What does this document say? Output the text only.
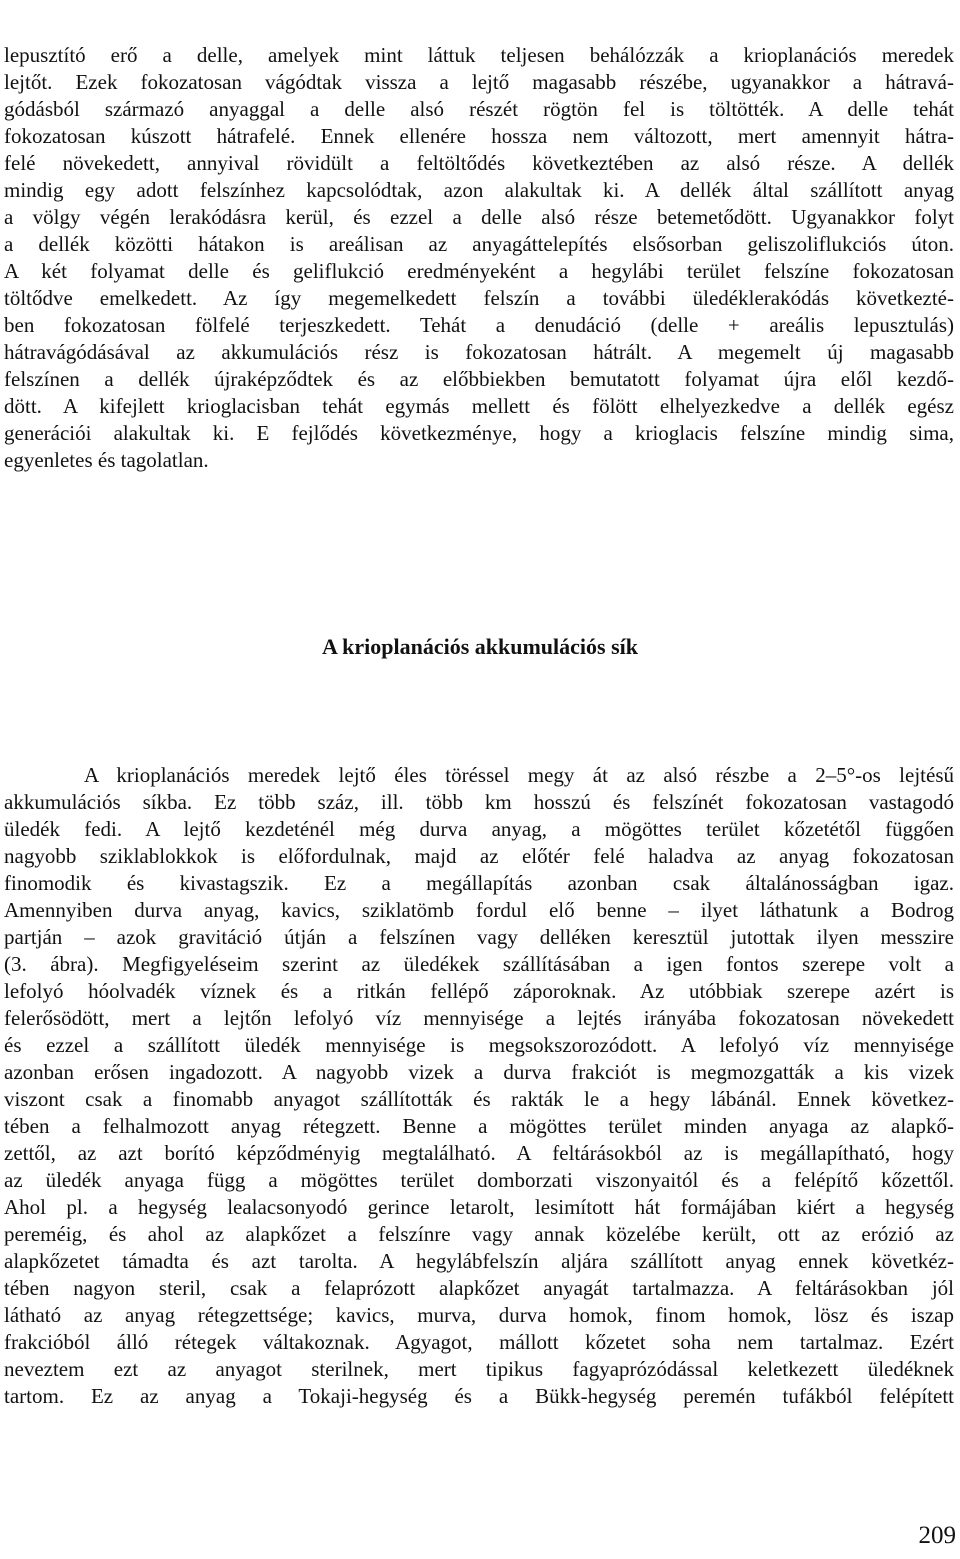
lepusztító erő a delle, amelyek mint láttuk teljesen behálózzák a krioplanációs meredek
lejtőt. Ezek fokozatosan vágódtak vissza a lejtő magasabb részébe, ugyanakkor a hátravá-
gódásból származó anyaggal a delle alsó részét rögtön fel is töltötték. A delle tehát
fokozatosan kúszott hátrafelé. Ennek ellenére hossza nem változott, mert amennyit hátra-
felé növekedett, annyival rövidült a feltöltődés következtében az alsó része. A dellék
mindig egy adott felszínhez kapcsolódtak, azon alakultak ki. A dellék által szállított anyag
a völgy végén lerakódásra kerül, és ezzel a delle alsó része betemetődött. Ugyanakkor folyt
a dellék közötti hátakon is areálisan az anyagáttelepítés elsősorban geliszoliflukciós úton.
A két folyamat delle és geliflukció eredményeként a hegylábi terület felszíne fokozatosan
töltődve emelkedett. Az így megemelkedett felszín a további üledéklerakódás következté-
ben fokozatosan fölfelé terjeszkedett. Tehát a denudáció (delle + areális lepusztulás)
hátravágódásával az akkumulációs rész is fokozatosan hátrált. A megemelt új magasabb
felszínen a dellék újraképződtek és az előbbiekben bemutatott folyamat újra elől kezdő-
dött. A kifejlett krioglacisban tehát egymás mellett és fölött elhelyezkedve a dellék egész
generációi alakultak ki. E fejlődés következménye, hogy a krioglacis felszíne mindig sima,
egyenletes és tagolatlan.
A krioplanációs akkumulációs sík
A krioplanációs meredek lejtő éles töréssel megy át az alsó részbe a 2–5°-os lejtésű
akkumulációs síkba. Ez több száz, ill. több km hosszú és felszínét fokozatosan vastagodó
üledék fedi. A lejtő kezdeténél még durva anyag, a mögöttes terület kőzetétől függően
nagyobb sziklablokkok is előfordulnak, majd az előtér felé haladva az anyag fokozatosan
finomodik és kivastagszik. Ez a megállapítás azonban csak általánosságban igaz.
Amennyiben durva anyag, kavics, sziklatömb fordul elő benne – ilyet láthatunk a Bodrog
partján – azok gravitáció útján a felszínen vagy delléken keresztül jutottak ilyen messzire
(3. ábra). Megfigyeléseim szerint az üledékek szállításában a igen fontos szerepe volt a
lefolyó hóolvadék víznek és a ritkán fellépő záporoknak. Az utóbbiak szerepe azért is
felerősödött, mert a lejtőn lefolyó víz mennyisége a lejtés irányába fokozatosan növekedett
és ezzel a szállított üledék mennyisége is megsokszorozódott. A lefolyó víz mennyisége
azonban erősen ingadozott. A nagyobb vizek a durva frakciót is megmozgatták a kis vizek
viszont csak a finomabb anyagot szállították és rakták le a hegy lábánál. Ennek következ-
tében a felhalmozott anyag rétegzett. Benne a mögöttes terület minden anyaga az alapkő-
zettől, az azt borító képződményig megtalálható. A feltárásokból az is megállapítható, hogy
az üledék anyaga függ a mögöttes terület domborzati viszonyaitól és a felépítő kőzettől.
Ahol pl. a hegység lealacsonyodó gerince letarolt, lesimított hát formájában kiért a hegység
pereméig, és ahol az alapkőzet a felszínre vagy annak közelébe került, ott az erózió az
alapkőzetet támadta és azt tarolta. A hegylábfelszín aljára szállított anyag ennek követkéz-
tében nagyon steril, csak a felaprózott alapkőzet anyagát tartalmazza. A feltárásokban jól
látható az anyag rétegzettsége; kavics, murva, durva homok, finom homok, lösz és iszap
frakcióból álló rétegek váltakoznak. Agyagot, mállott kőzetet soha nem tartalmaz. Ezért
neveztem ezt az anyagot sterilnek, mert tipikus fagyaprózódással keletkezett üledéknek
tartom. Ez az anyag a Tokaji-hegység és a Bükk-hegység peremén tufákból felépített
209
